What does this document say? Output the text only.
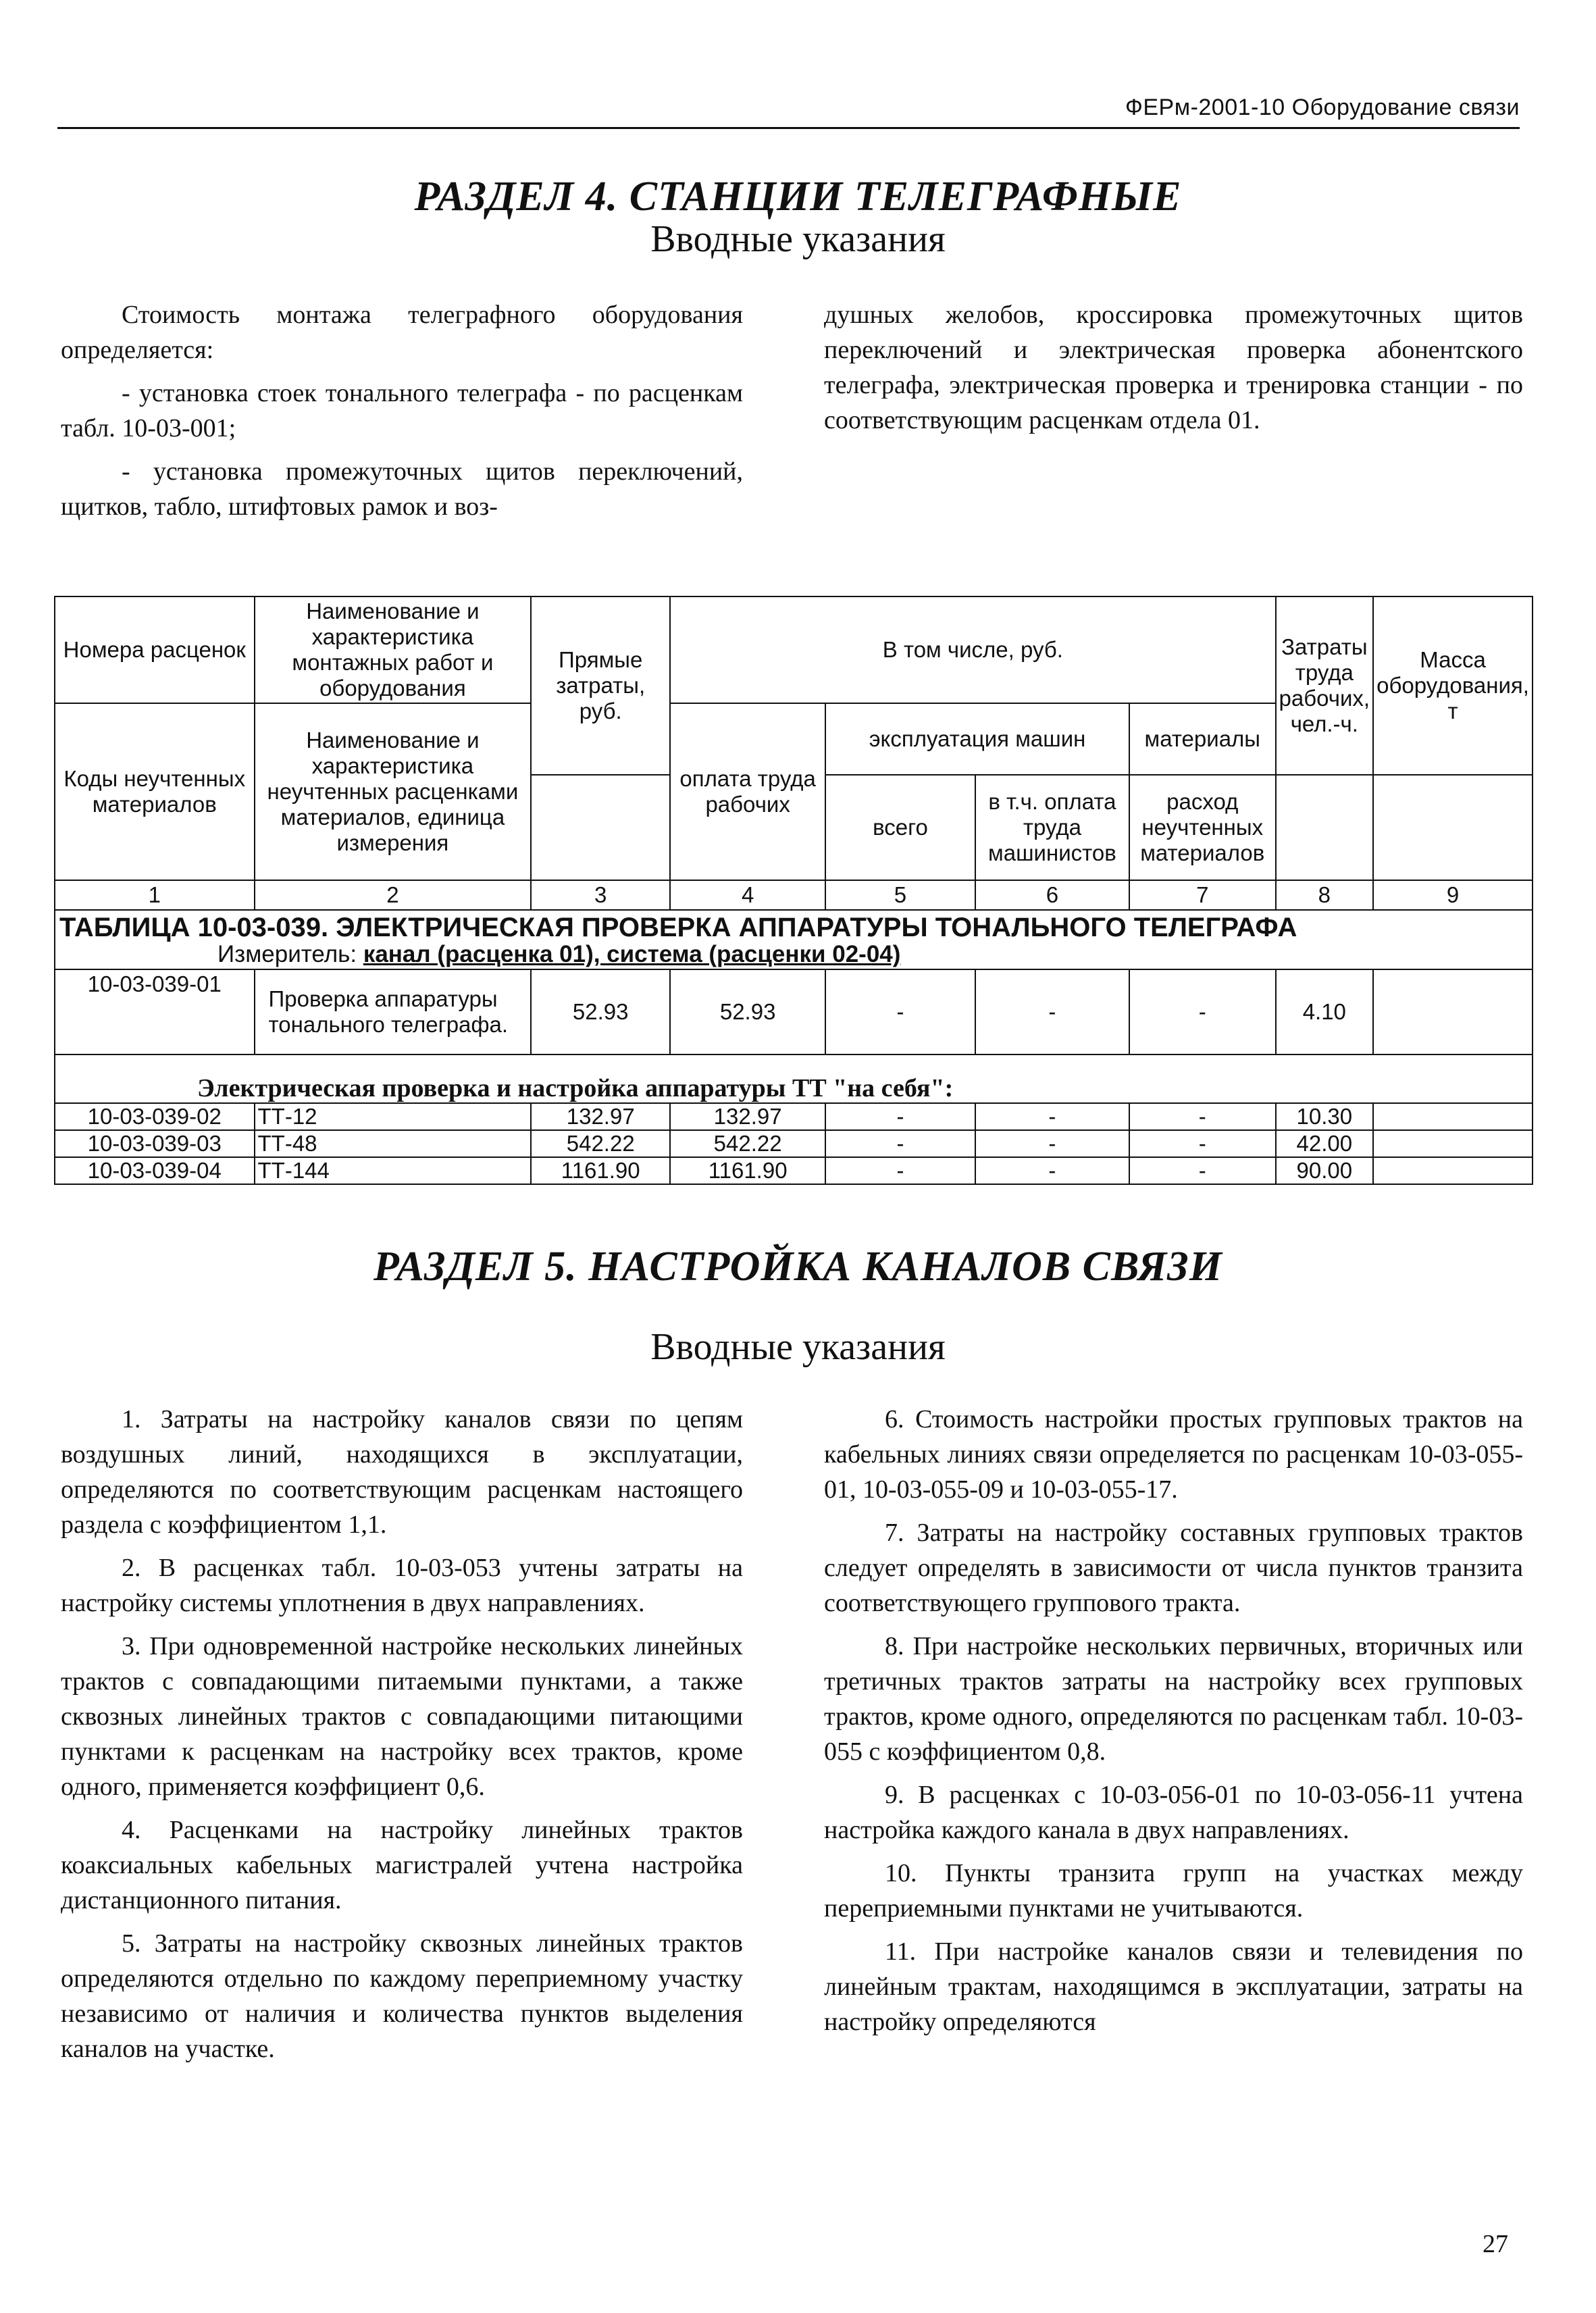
ФЕРм-2001-10 Оборудование связи
РАЗДЕЛ 4. СТАНЦИИ ТЕЛЕГРАФНЫЕ
Вводные указания

Стоимость монтажа телеграфного оборудования определяется:

- установка стоек тонального телеграфа - по расценкам табл. 10-03-001;

- установка промежуточных щитов переключений, щитков, табло, штифтовых рамок и воз-

душных желобов, кроссировка промежуточных щитов переключений и электрическая проверка абонентского телеграфа, электрическая проверка и тренировка станции - по соответствующим расценкам отдела 01.

Номера расценок	Наименование и характеристика монтажных работ и оборудования	Прямые затраты, руб.	В том числе, руб.				Затраты труда рабочих, чел.-ч.	Масса оборудования, т
Коды неучтенных материалов	Наименование и характеристика неучтенных расценками материалов, единица измерения		оплата труда рабочих	эксплуатация машин		материалы		
				всего	в т.ч. оплата труда машинистов	расход неучтенных материалов		
1	2	3	4	5	6	7	8	9
ТАБЛИЦА 10-03-039. ЭЛЕКТРИЧЕСКАЯ ПРОВЕРКА АППАРАТУРЫ ТОНАЛЬНОГО ТЕЛЕГРАФА								
Измеритель: канал (расценка 01), система (расценки 02-04)								
10-03-039-01	Проверка аппаратуры тонального телеграфа.	52.93	52.93	-	-	-	4.10	
Электрическая проверка и настройка аппаратуры ТТ "на себя":								
10-03-039-02	ТТ-12	132.97	132.97	-	-	-	10.30	
10-03-039-03	ТТ-48	542.22	542.22	-	-	-	42.00	
10-03-039-04	ТТ-144	1161.90	1161.90	-	-	-	90.00	
РАЗДЕЛ 5. НАСТРОЙКА КАНАЛОВ СВЯЗИ
Вводные указания

1. Затраты на настройку каналов связи по цепям воздушных линий, находящихся в эксплуатации, определяются по соответствующим расценкам настоящего раздела с коэффициентом 1,1.

2. В расценках табл. 10-03-053 учтены затраты на настройку системы уплотнения в двух направлениях.

3. При одновременной настройке нескольких линейных трактов с совпадающими питаемыми пунктами, а также сквозных линейных трактов с совпадающими питающими пунктами к расценкам на настройку всех трактов, кроме одного, применяется коэффициент 0,6.

4. Расценками на настройку линейных трактов коаксиальных кабельных магистралей учтена настройка дистанционного питания.

5. Затраты на настройку сквозных линейных трактов определяются отдельно по каждому переприемному участку независимо от наличия и количества пунктов выделения каналов на участке.

6. Стоимость настройки простых групповых трактов на кабельных линиях связи определяется по расценкам 10-03-055-01, 10-03-055-09 и 10-03-055-17.

7. Затраты на настройку составных групповых трактов следует определять в зависимости от числа пунктов транзита соответствующего группового тракта.

8. При настройке нескольких первичных, вторичных или третичных трактов затраты на настройку всех групповых трактов, кроме одного, определяются по расценкам табл. 10-03-055 с коэффициентом 0,8.

9. В расценках с 10-03-056-01 по 10-03-056-11 учтена настройка каждого канала в двух направлениях.

10. Пункты транзита групп на участках между переприемными пунктами не учитываются.

11. При настройке каналов связи и телевидения по линейным трактам, находящимся в эксплуатации, затраты на настройку определяются

27
